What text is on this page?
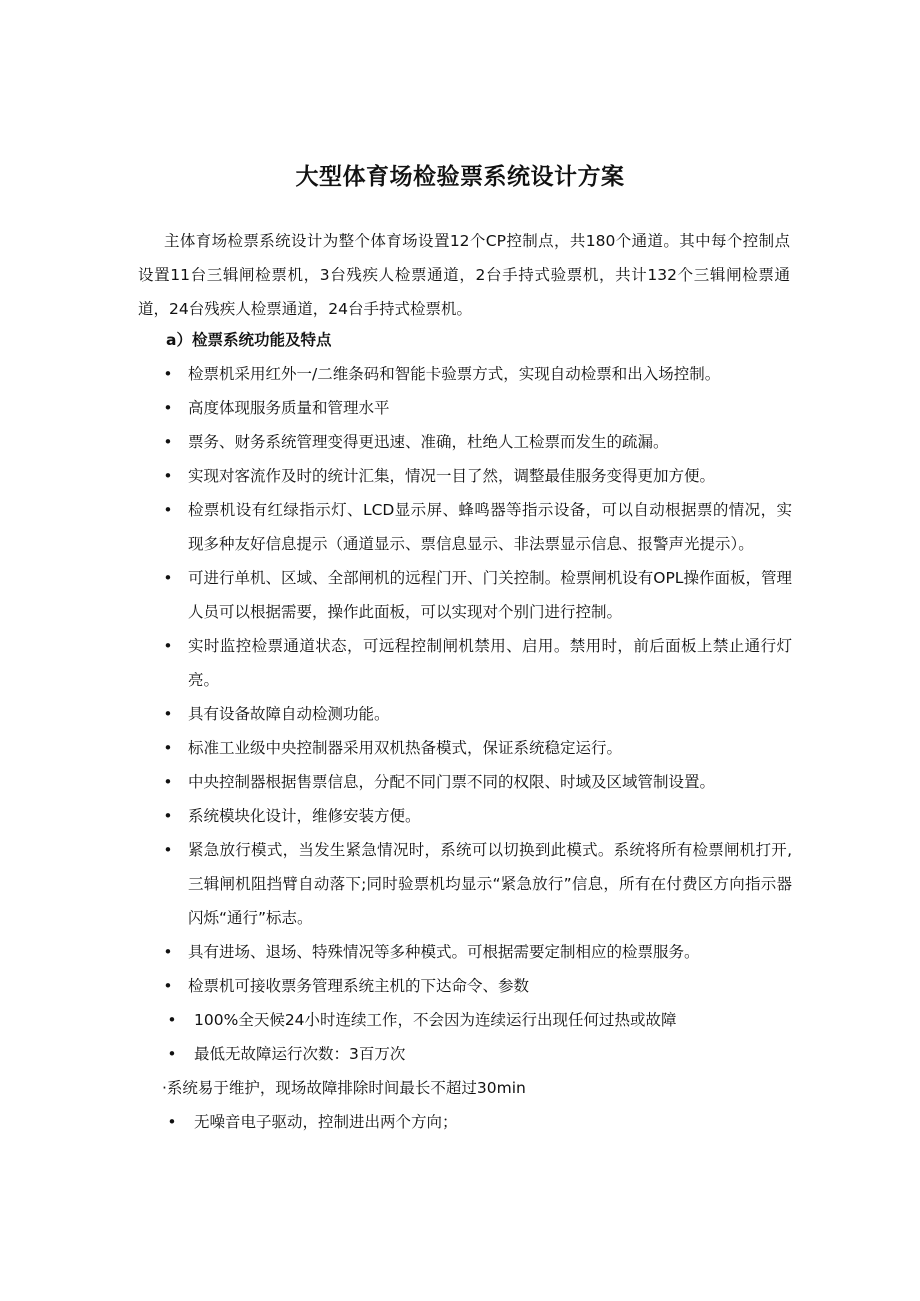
大型体育场检验票系统设计方案

主体育场检票系统设计为整个体育场设置12个CP控制点，共180个通道。其中每个控制点设置11台三辑闸检票机，3台残疾人检票通道，2台手持式验票机，共计132个三辑闸检票通道，24台残疾人检票通道，24台手持式检票机。

a）检票系统功能及特点
• 检票机采用红外一/二维条码和智能卡验票方式，实现自动检票和出入场控制。
• 高度体现服务质量和管理水平
• 票务、财务系统管理变得更迅速、准确，杜绝人工检票而发生的疏漏。
• 实现对客流作及时的统计汇集，情况一目了然，调整最佳服务变得更加方便。
• 检票机设有红绿指示灯、LCD显示屏、蜂鸣器等指示设备，可以自动根据票的情况，实现多种友好信息提示（通道显示、票信息显示、非法票显示信息、报警声光提示）。
• 可进行单机、区域、全部闸机的远程门开、门关控制。检票闸机设有OPL操作面板，管理人员可以根据需要，操作此面板，可以实现对个别门进行控制。
• 实时监控检票通道状态，可远程控制闸机禁用、启用。禁用时，前后面板上禁止通行灯亮。
• 具有设备故障自动检测功能。
• 标准工业级中央控制器采用双机热备模式，保证系统稳定运行。
• 中央控制器根据售票信息，分配不同门票不同的权限、时域及区域管制设置。
• 系统模块化设计，维修安装方便。
• 紧急放行模式，当发生紧急情况时，系统可以切换到此模式。系统将所有检票闸机打开,三辑闸机阻挡臂自动落下;同时验票机均显示“紧急放行”信息，所有在付费区方向指示器闪烁“通行”标志。
• 具有进场、退场、特殊情况等多种模式。可根据需要定制相应的检票服务。
• 检票机可接收票务管理系统主机的下达命令、参数
• 100%全天候24小时连续工作，不会因为连续运行出现任何过热或故障
• 最低无故障运行次数：3百万次
·系统易于维护，现场故障排除时间最长不超过30min
• 无噪音电子驱动，控制进出两个方向；
